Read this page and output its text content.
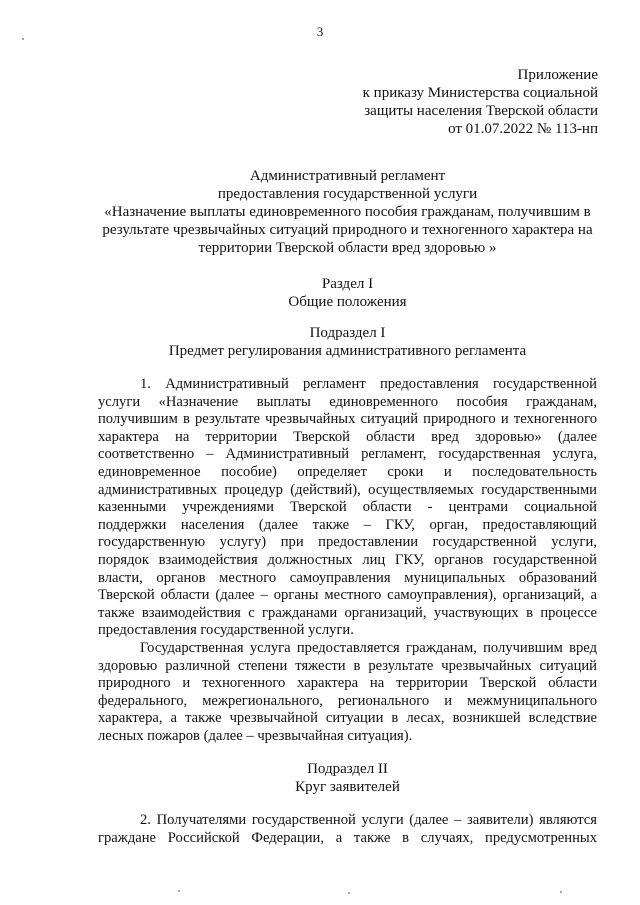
3
Приложение
к приказу Министерства социальной
защиты населения Тверской области
от 01.07.2022 № 113-нп
Административный регламент
предоставления государственной услуги
«Назначение выплаты единовременного пособия гражданам, получившим в
результате чрезвычайных ситуаций природного и техногенного характера на
территории Тверской области вред здоровью »
Раздел I
Общие положения
Подраздел I
Предмет регулирования административного регламента
1. Административный регламент предоставления государственной
услуги «Назначение выплаты единовременного пособия гражданам,
получившим в результате чрезвычайных ситуаций природного и техногенного
характера на территории Тверской области вред здоровью» (далее
соответственно – Административный регламент, государственная услуга,
единовременное пособие) определяет сроки и последовательность
административных процедур (действий), осуществляемых государственными
казенными учреждениями Тверской области - центрами социальной
поддержки населения (далее также – ГКУ, орган, предоставляющий
государственную услугу) при предоставлении государственной услуги,
порядок взаимодействия должностных лиц ГКУ, органов государственной
власти, органов местного самоуправления муниципальных образований
Тверской области (далее – органы местного самоуправления), организаций, а
также взаимодействия с гражданами организаций, участвующих в процессе
предоставления государственной услуги.
Государственная услуга предоставляется гражданам, получившим вред
здоровью различной степени тяжести в результате чрезвычайных ситуаций
природного и техногенного характера на территории Тверской области
федерального, межрегионального, регионального и межмуниципального
характера, а также чрезвычайной ситуации в лесах, возникшей вследствие
лесных пожаров (далее – чрезвычайная ситуация).
Подраздел II
Круг заявителей
2. Получателями государственной услуги (далее – заявители) являются
граждане Российской Федерации, а также в случаях, предусмотренных
